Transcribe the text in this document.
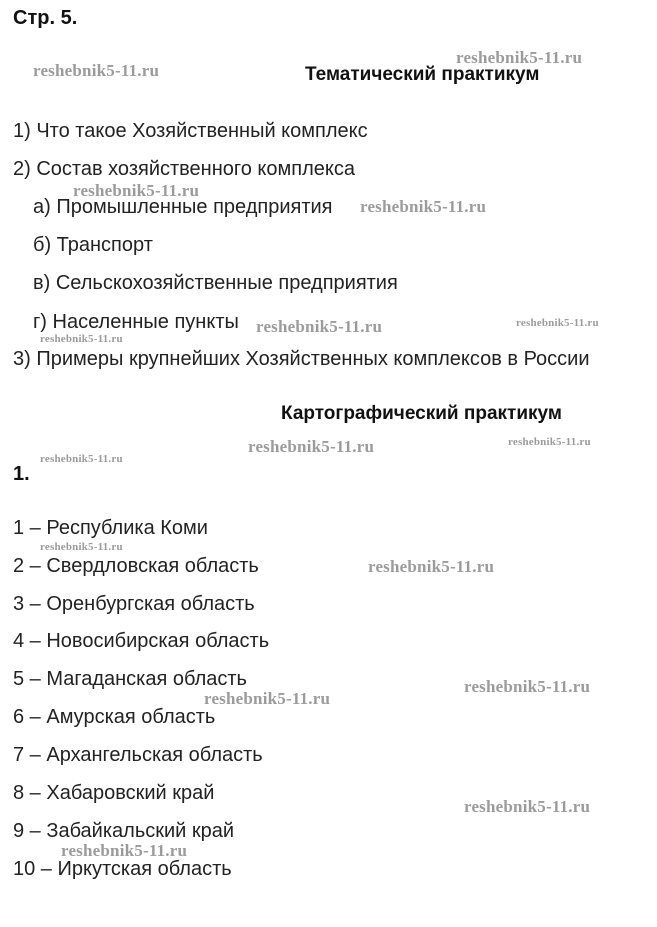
Стр. 5.
Тематический практикум
1) Что такое Хозяйственный комплекс
2) Состав хозяйственного комплекса
а) Промышленные предприятия
б) Транспорт
в) Сельскохозяйственные предприятия
г) Населенные пункты
3) Примеры крупнейших Хозяйственных комплексов в России
Картографический практикум
1.
1 – Республика Коми
2 – Свердловская область
3 – Оренбургская область
4 – Новосибирская область
5 – Магаданская область
6 – Амурская область
7 – Архангельская область
8 – Хабаровский край
9 – Забайкальский край
10 – Иркутская область
reshebnik5-11.ru
reshebnik5-11.ru
reshebnik5-11.ru
reshebnik5-11.ru
reshebnik5-11.ru	reshebnik5-11.ru
reshebnik5-11.ru
reshebnik5-11.ru	reshebnik5-11.ru
reshebnik5-11.ru
reshebnik5-11.ru
reshebnik5-11.ru
reshebnik5-11.ru
reshebnik5-11.ru
reshebnik5-11.ru
reshebnik5-11.ru
